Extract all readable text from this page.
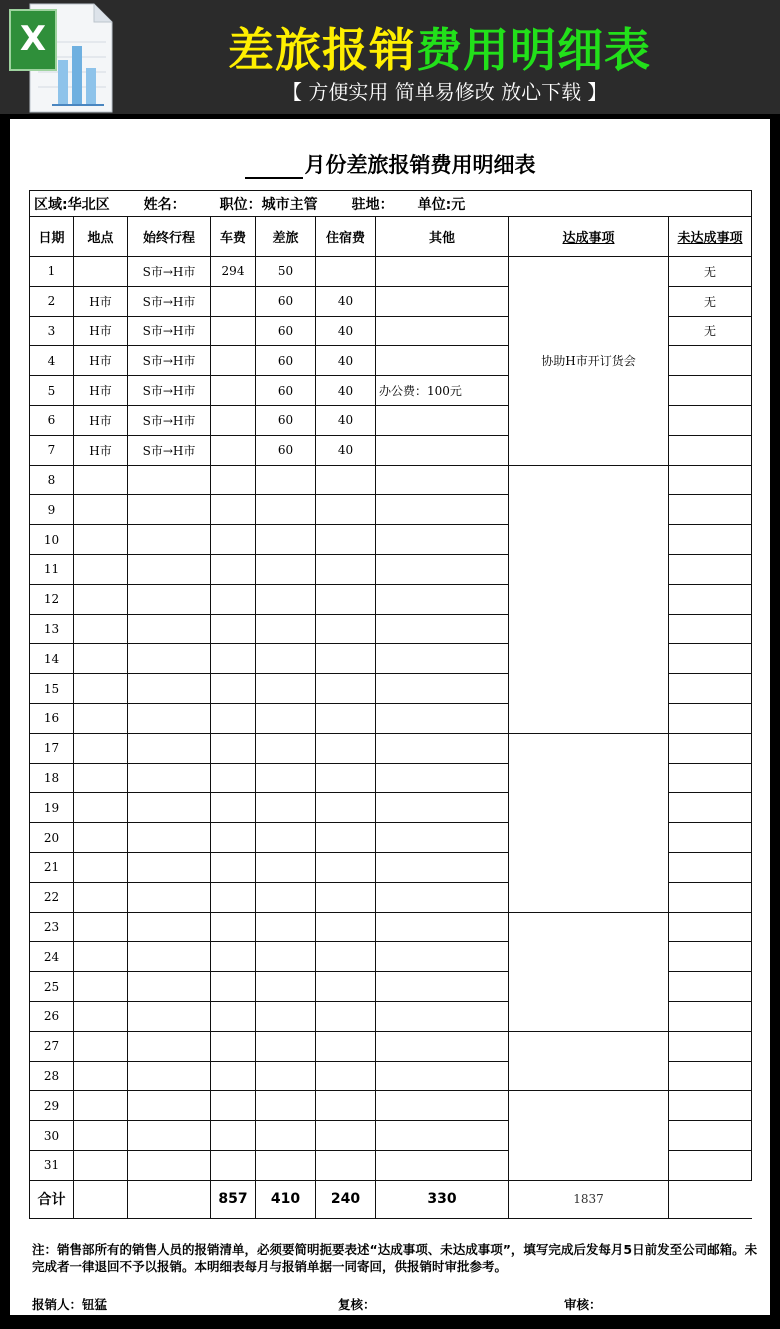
X	差旅报销费用明细表
【 方便实用 简单易修改 放心下载 】
月份差旅报销费用明细表
区域:华北区 姓名： 职位：城市主管 驻地： 单位:元								
日期	地点	始终行程	车费	差旅	住宿费	其他	达成事项	未达成事项
1		S市→H市	294	50			协助H市开订货会	无
2	H市	S市→H市		60	40			无
3	H市	S市→H市		60	40			无
4	H市	S市→H市		60	40			
5	H市	S市→H市		60	40	办公费：100元		
6	H市	S市→H市		60	40			
7	H市	S市→H市		60	40			
8								
9								
10								
11								
12								
13								
14								
15								
16								
17								
18								
19								
20								
21								
22								
23								
24								
25								
26								
27								
28								
29								
30								
31								
合计			857	410	240	330	1837	
注：销售部所有的销售人员的报销清单，必须要简明扼要表述“达成事项、未达成事项”，填写完成后发每月5日前发至公司邮箱。未完成者一律退回不予以报销。本明细表每月与报销单据一同寄回，供报销时审批参考。
报销人：钮猛	复核：	审核：
